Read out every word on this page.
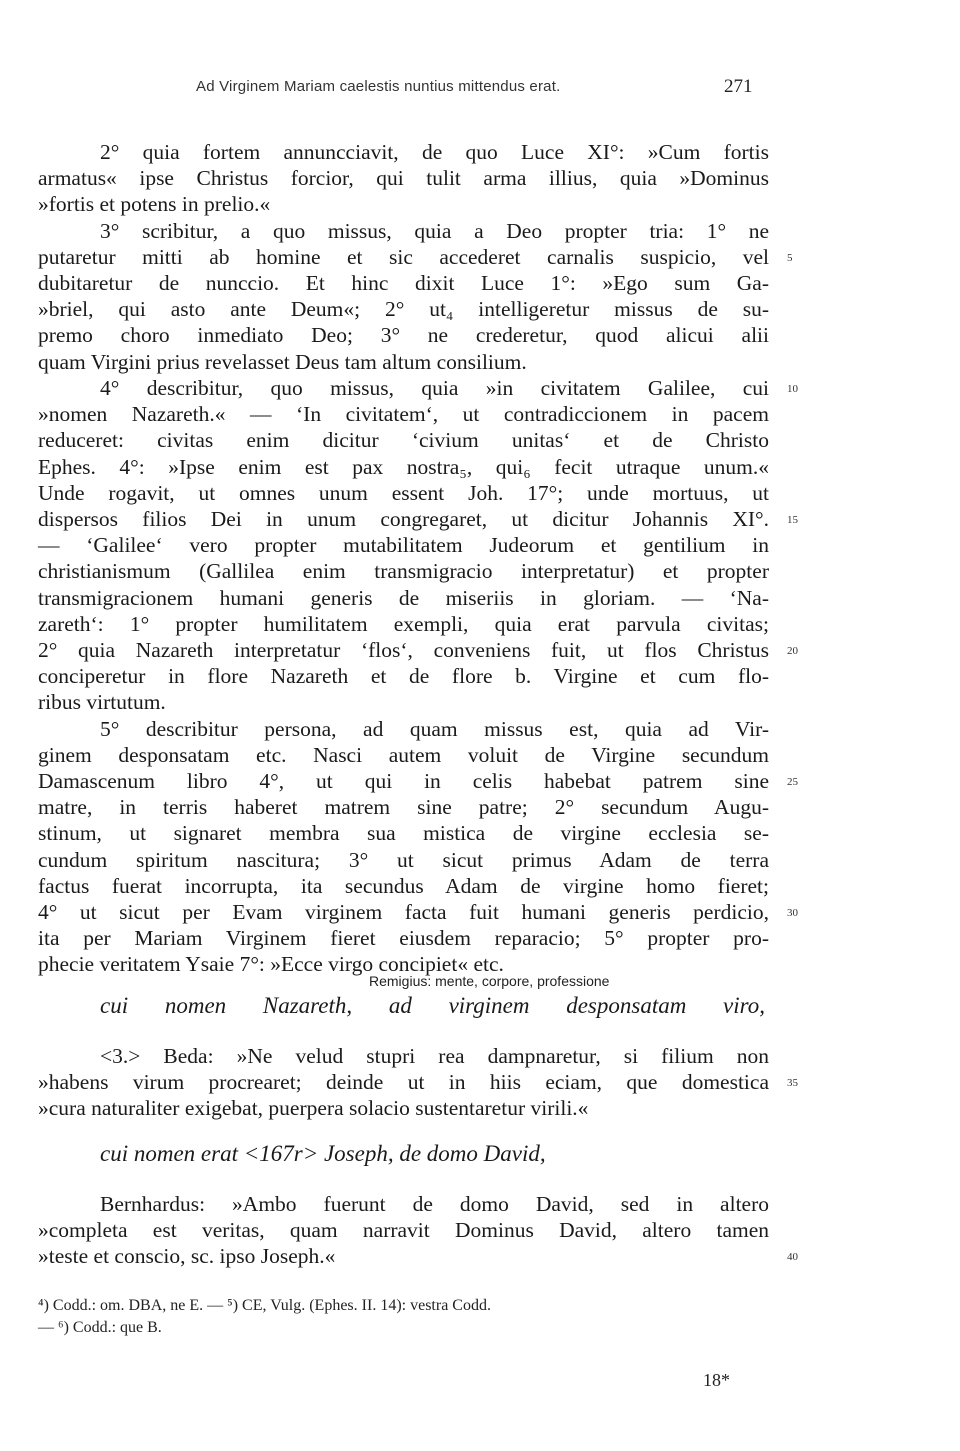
Ad Virginem Mariam caelestis nuntius mittendus erat.	271
2° quia fortem annuncciavit, de quo Luce XI°: »Cum fortis
armatus« ipse Christus forcior, qui tulit arma illius, quia »Dominus
»fortis et potens in prelio.«
3° scribitur, a quo missus, quia a Deo propter tria: 1° ne
putaretur mitti ab homine et sic accederet carnalis suspicio, vel
dubitaretur de nunccio. Et hinc dixit Luce 1°: »Ego sum Ga-
»briel, qui asto ante Deum«; 2° ut₄ intelligeretur missus de su-
premo choro inmediato Deo; 3° ne crederetur, quod alicui alii
quam Virgini prius revelasset Deus tam altum consilium.
4° describitur, quo missus, quia »in civitatem Galilee, cui
»nomen Nazareth.« — ‘In civitatem‘, ut contradiccionem in pacem
reduceret: civitas enim dicitur ‘civium unitas‘ et de Christo
Ephes. 4°: »Ipse enim est pax nostra₅, qui₆ fecit utraque unum.«
Unde rogavit, ut omnes unum essent Joh. 17°; unde mortuus, ut
dispersos filios Dei in unum congregaret, ut dicitur Johannis XI°.
— ‘Galilee‘ vero propter mutabilitatem Judeorum et gentilium in
christianismum (Gallilea enim transmigracio interpretatur) et propter
transmigracionem humani generis de miseriis in gloriam. — ‘Na-
zareth‘: 1° propter humilitatem exempli, quia erat parvula civitas;
2° quia Nazareth interpretatur ‘flos‘, conveniens fuit, ut flos Christus
conciperetur in flore Nazareth et de flore b. Virgine et cum flo-
ribus virtutum.
5° describitur persona, ad quam missus est, quia ad Vir-
ginem desponsatam etc. Nasci autem voluit de Virgine secundum
Damascenum libro 4°, ut qui in celis habebat patrem sine
matre, in terris haberet matrem sine patre; 2° secundum Augu-
stinum, ut signaret membra sua mistica de virgine ecclesia se-
cundum spiritum nascitura; 3° ut sicut primus Adam de terra
factus fuerat incorrupta, ita secundus Adam de virgine homo fieret;
4° ut sicut per Evam virginem facta fuit humani generis perdicio,
ita per Mariam Virginem fieret eiusdem reparacio; 5° propter pro-
phecie veritatem Ysaie 7°: »Ecce virgo concipiet« etc.
Remigius: mente, corpore, professione
cui nomen Nazareth, ad virginem desponsatam viro,
<3.> Beda: »Ne velud stupri rea dampnaretur, si filium non
»habens virum procrearet; deinde ut in hiis eciam, que domestica
»cura naturaliter exigebat, puerpera solacio sustentaretur virili.«
cui nomen erat <167r> Joseph, de domo David,
Bernhardus: »Ambo fuerunt de domo David, sed in altero
»completa est veritas, quam narravit Dominus David, altero tamen
»teste et conscio, sc. ipso Joseph.«
5
10
15
20
25
30
35
40
⁴) Codd.: om. DBA, ne E. — ⁵) CE, Vulg. (Ephes. II. 14): vestra Codd.
— ⁶) Codd.: que B.
18*
